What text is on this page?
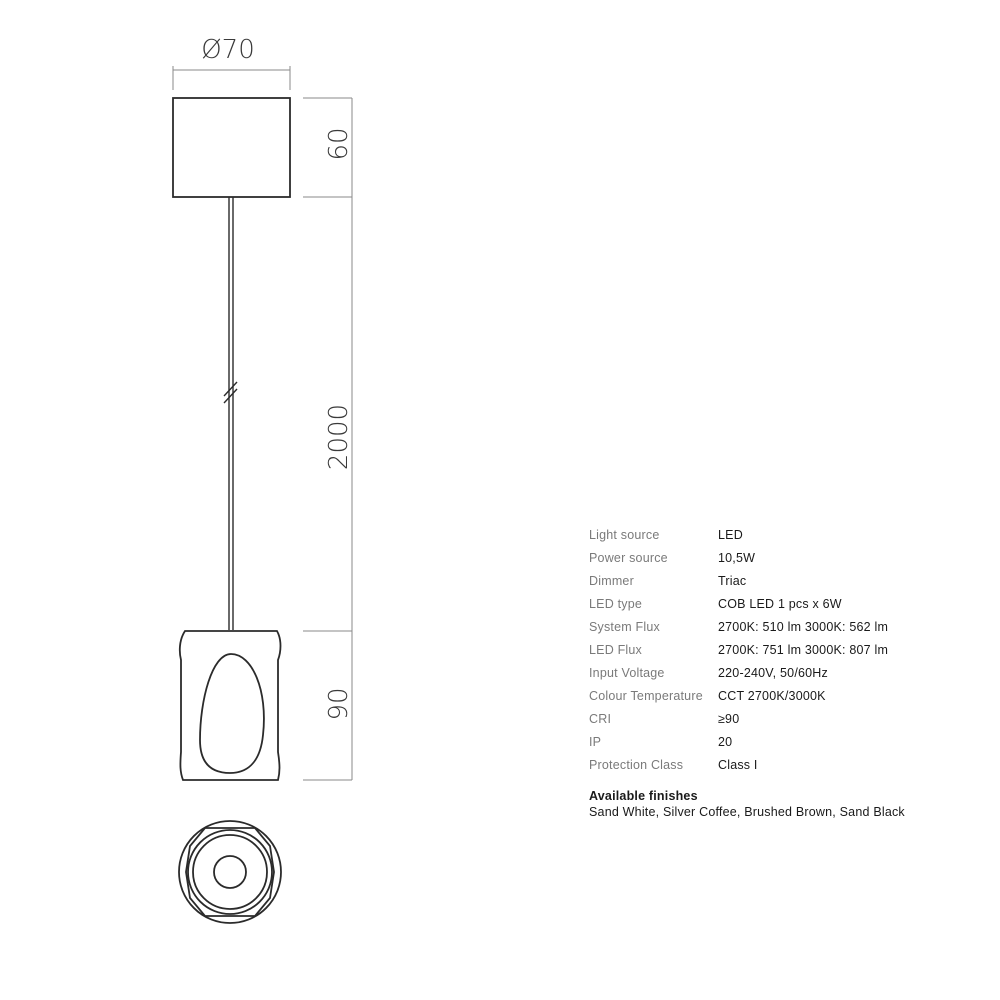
Ø70
60
2000
90
Light source	LED
Power source	10,5W
Dimmer	Triac
LED type	COB LED 1 pcs x 6W
System Flux	2700K: 510 lm 3000K: 562 lm
LED Flux	2700K: 751 lm 3000K: 807 lm
Input Voltage	220-240V, 50/60Hz
Colour Temperature	CCT 2700K/3000K
CRI	≥90
IP	20
Protection Class	Class I
Available finishes
Sand White, Silver Coffee, Brushed Brown, Sand Black
